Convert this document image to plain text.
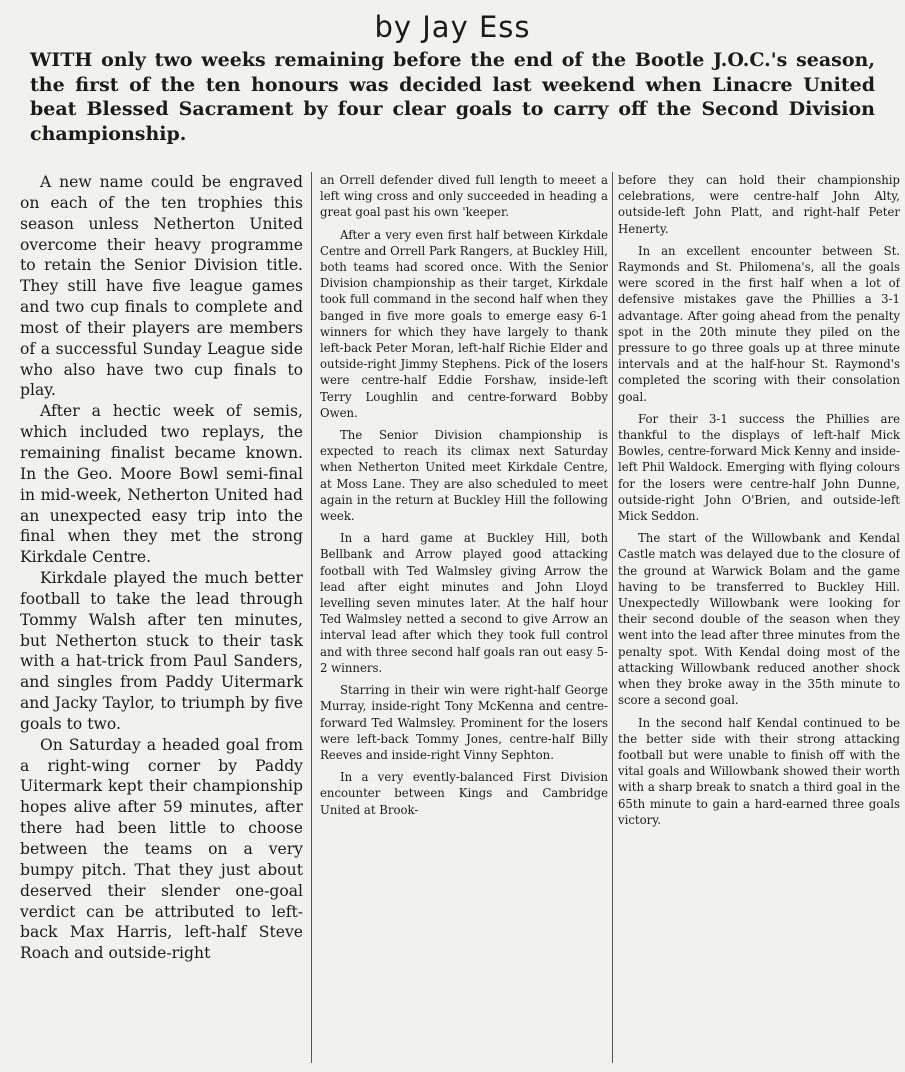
by Jay Ess
WITH only two weeks remaining before the end of the Bootle J.O.C.'s season, the first of the ten honours was decided last weekend when Linacre United beat Blessed Sacrament by four clear goals to carry off the Second Division championship.

A new name could be engraved on each of the ten trophies this season unless Netherton United overcome their heavy programme to retain the Senior Division title. They still have five league games and two cup finals to complete and most of their players are members of a successful Sunday League side who also have two cup finals to play.

After a hectic week of semis, which included two replays, the remaining finalist became known. In the Geo. Moore Bowl semi-final in mid-week, Netherton United had an unexpected easy trip into the final when they met the strong Kirkdale Centre.

Kirkdale played the much better football to take the lead through Tommy Walsh after ten minutes, but Netherton stuck to their task with a hat-trick from Paul Sanders, and singles from Paddy Uitermark and Jacky Taylor, to triumph by five goals to two.

On Saturday a headed goal from a right-wing corner by Paddy Uitermark kept their championship hopes alive after 59 minutes, after there had been little to choose between the teams on a very bumpy pitch. That they just about deserved their slender one-goal verdict can be attributed to left-back Max Harris, left-half Steve Roach and outside-right

an Orrell defender dived full length to meeet a left wing cross and only succeeded in heading a great goal past his own 'keeper.

After a very even first half between Kirkdale Centre and Orrell Park Rangers, at Buckley Hill, both teams had scored once. With the Senior Division championship as their target, Kirkdale took full command in the second half when they banged in five more goals to emerge easy 6-1 winners for which they have largely to thank left-back Peter Moran, left-half Richie Elder and outside-right Jimmy Stephens. Pick of the losers were centre-half Eddie Forshaw, inside-left Terry Loughlin and centre-forward Bobby Owen.

The Senior Division championship is expected to reach its climax next Saturday when Netherton United meet Kirkdale Centre, at Moss Lane. They are also scheduled to meet again in the return at Buckley Hill the following week.

In a hard game at Buckley Hill, both Bellbank and Arrow played good attacking football with Ted Walmsley giving Arrow the lead after eight minutes and John Lloyd levelling seven minutes later. At the half hour Ted Walmsley netted a second to give Arrow an interval lead after which they took full control and with three second half goals ran out easy 5-2 winners.

Starring in their win were right-half George Murray, inside-right Tony McKenna and centre-forward Ted Walmsley. Prominent for the losers were left-back Tommy Jones, centre-half Billy Reeves and inside-right Vinny Sephton.

In a very evently-balanced First Division encounter between Kings and Cambridge United at Brook-

before they can hold their championship celebrations, were centre-half John Alty, outside-left John Platt, and right-half Peter Henerty.

In an excellent encounter between St. Raymonds and St. Philomena's, all the goals were scored in the first half when a lot of defensive mistakes gave the Phillies a 3-1 advantage. After going ahead from the penalty spot in the 20th minute they piled on the pressure to go three goals up at three minute intervals and at the half-hour St. Raymond's completed the scoring with their consolation goal.

For their 3-1 success the Phillies are thankful to the displays of left-half Mick Bowles, centre-forward Mick Kenny and inside-left Phil Waldock. Emerging with flying colours for the losers were centre-half John Dunne, outside-right John O'Brien, and outside-left Mick Seddon.

The start of the Willowbank and Kendal Castle match was delayed due to the closure of the ground at Warwick Bolam and the game having to be transferred to Buckley Hill. Unexpectedly Willowbank were looking for their second double of the season when they went into the lead after three minutes from the penalty spot. With Kendal doing most of the attacking Willowbank reduced another shock when they broke away in the 35th minute to score a second goal.

In the second half Kendal continued to be the better side with their strong attacking football but were unable to finish off with the vital goals and Willowbank showed their worth with a sharp break to snatch a third goal in the 65th minute to gain a hard-earned three goals victory.
